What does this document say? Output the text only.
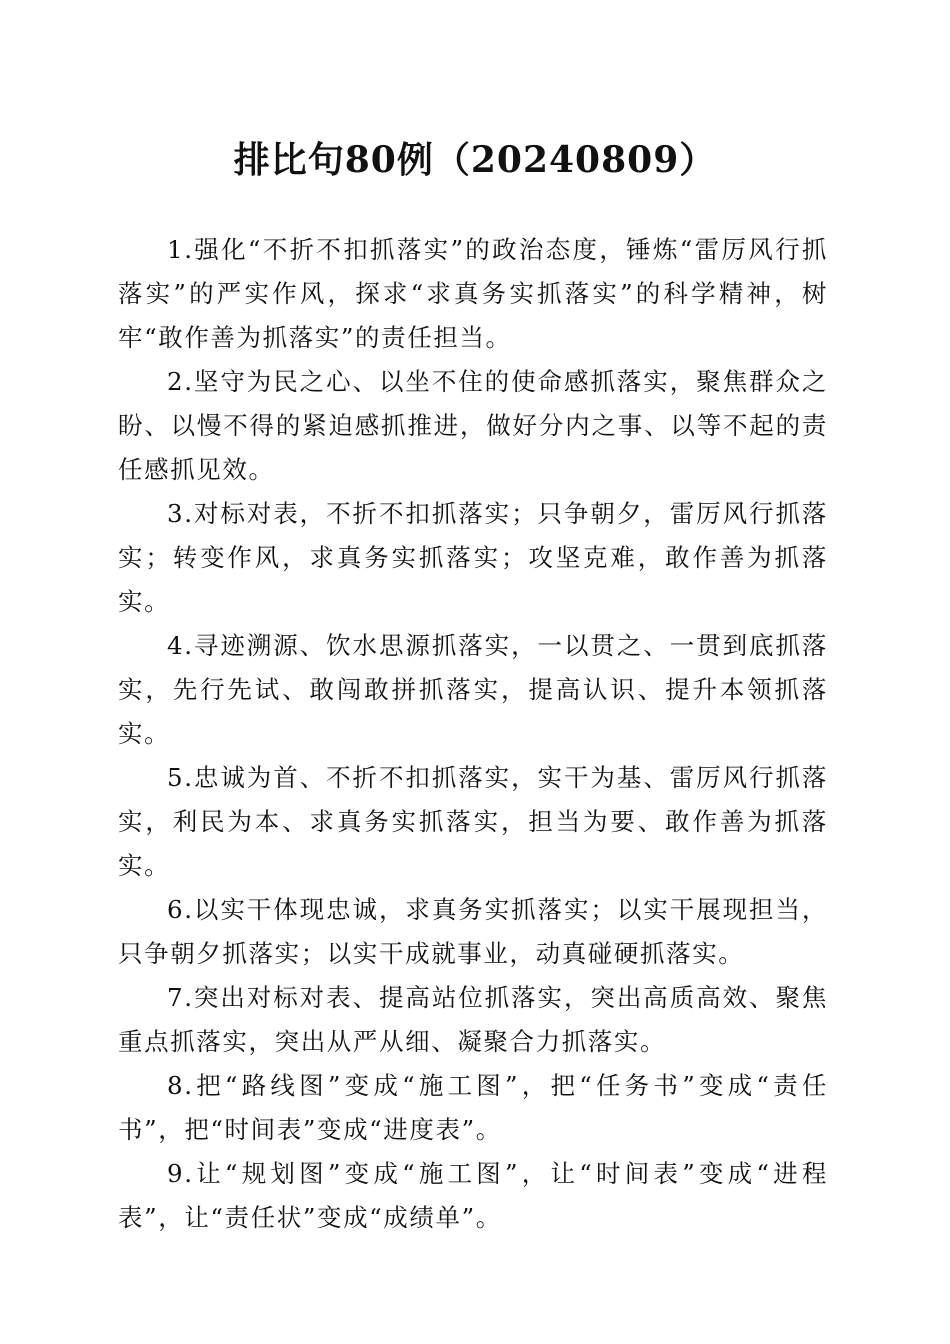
排比句80例（20240809）

1.强化“不折不扣抓落实”的政治态度，锤炼“雷厉风行抓落实”的严实作风，探求“求真务实抓落实”的科学精神，树牢“敢作善为抓落实”的责任担当。

2.坚守为民之心、以坐不住的使命感抓落实，聚焦群众之盼、以慢不得的紧迫感抓推进，做好分内之事、以等不起的责任感抓见效。

3.对标对表，不折不扣抓落实；只争朝夕，雷厉风行抓落实；转变作风，求真务实抓落实；攻坚克难，敢作善为抓落实。

4.寻迹溯源、饮水思源抓落实，一以贯之、一贯到底抓落实，先行先试、敢闯敢拼抓落实，提高认识、提升本领抓落实。

5.忠诚为首、不折不扣抓落实，实干为基、雷厉风行抓落实，利民为本、求真务实抓落实，担当为要、敢作善为抓落实。

6.以实干体现忠诚，求真务实抓落实；以实干展现担当，只争朝夕抓落实；以实干成就事业，动真碰硬抓落实。

7.突出对标对表、提高站位抓落实，突出高质高效、聚焦重点抓落实，突出从严从细、凝聚合力抓落实。

8.把“路线图”变成“施工图”，把“任务书”变成“责任书”，把“时间表”变成“进度表”。

9.让“规划图”变成“施工图”，让“时间表”变成“进程表”，让“责任状”变成“成绩单”。
